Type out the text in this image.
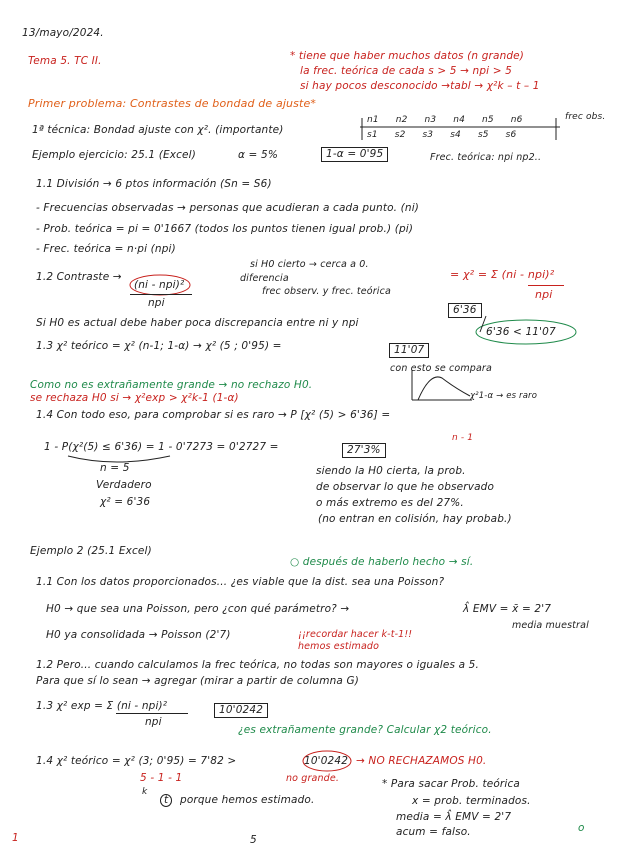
13/mayo/2024.
Tema 5. TC II.	* tiene que haber muchos datos (n grande)
la frec. teórica de cada s > 5 → npi > 5
si hay pocos desconocido →tabl → χ²k – t – 1
Primer problema: Contrastes de bondad de ajuste*
1ª técnica: Bondad ajuste con χ². (importante)
n1 n2 n3 n4 n5 n6
s1 s2 s3 s4 s5 s6
frec obs.
Ejemplo ejercicio: 25.1 (Excel)	α = 5%	1-α = 0'95	Frec. teórica: npi np2..
1.1 División → 6 ptos información (Sn = S6)
- Frecuencias observadas → personas que acudieran a cada punto. (ni)
- Prob. teórica = pi = 0'1667 (todos los puntos tienen igual prob.) (pi)
- Frec. teórica = n·pi (npi)
1.2 Contraste →
(ni - npi)²
npi
si H0 cierto → cerca a 0.
diferencia
frec observ. y frec. teórica
= χ² = Σ (ni - npi)²
npi
6'36
Si H0 es actual debe haber poca discrepancia entre ni y npi
1.3 χ² teórico = χ² (n-1; 1-α) → χ² (5 ; 0'95) =	11'07
6'36 < 11'07
con esto se compara
χ²1-α → es raro
Como no es extrañamente grande → no rechazo H0.
se rechaza H0 si → χ²exp > χ²k-1 (1-α)
1.4 Con todo eso, para comprobar si es raro → P [χ² (5) > 6'36] =
n - 1
1 - P(χ²(5) ≤ 6'36) = 1 - 0'7273 = 0'2727 =	27'3%
n = 5
Verdadero
χ² = 6'36
siendo la H0 cierta, la prob.
de observar lo que he observado
o más extremo es del 27%.
(no entran en colisión, hay probab.)
Ejemplo 2 (25.1 Excel)
○ después de haberlo hecho → sí.
1.1 Con los datos proporcionados... ¿es viable que la dist. sea una Poisson?
H0 → que sea una Poisson, pero ¿con qué parámetro? →	λ̂ EMV = x̄ = 2'7
media muestral
H0 ya consolidada → Poisson (2'7)	¡¡recordar hacer k-t-1!!
hemos estimado
1.2 Pero... cuando calculamos la frec teórica, no todas son mayores o iguales a 5.
Para que sí lo sean → agregar (mirar a partir de columna G)
1.3 χ² exp = Σ (ni - npi)²
npi
10'0242
¿es extrañamente grande? Calcular χ2 teórico.
1.4 χ² teórico = χ² (3; 0'95) = 7'82 >	10'0242 → NO RECHAZAMOS H0.
no grande.
5 - 1 - 1
k
t	porque hemos estimado.
* Para sacar Prob. teórica
x = prob. terminados.
media = λ̂ EMV = 2'7
acum = falso.
5
1
o
